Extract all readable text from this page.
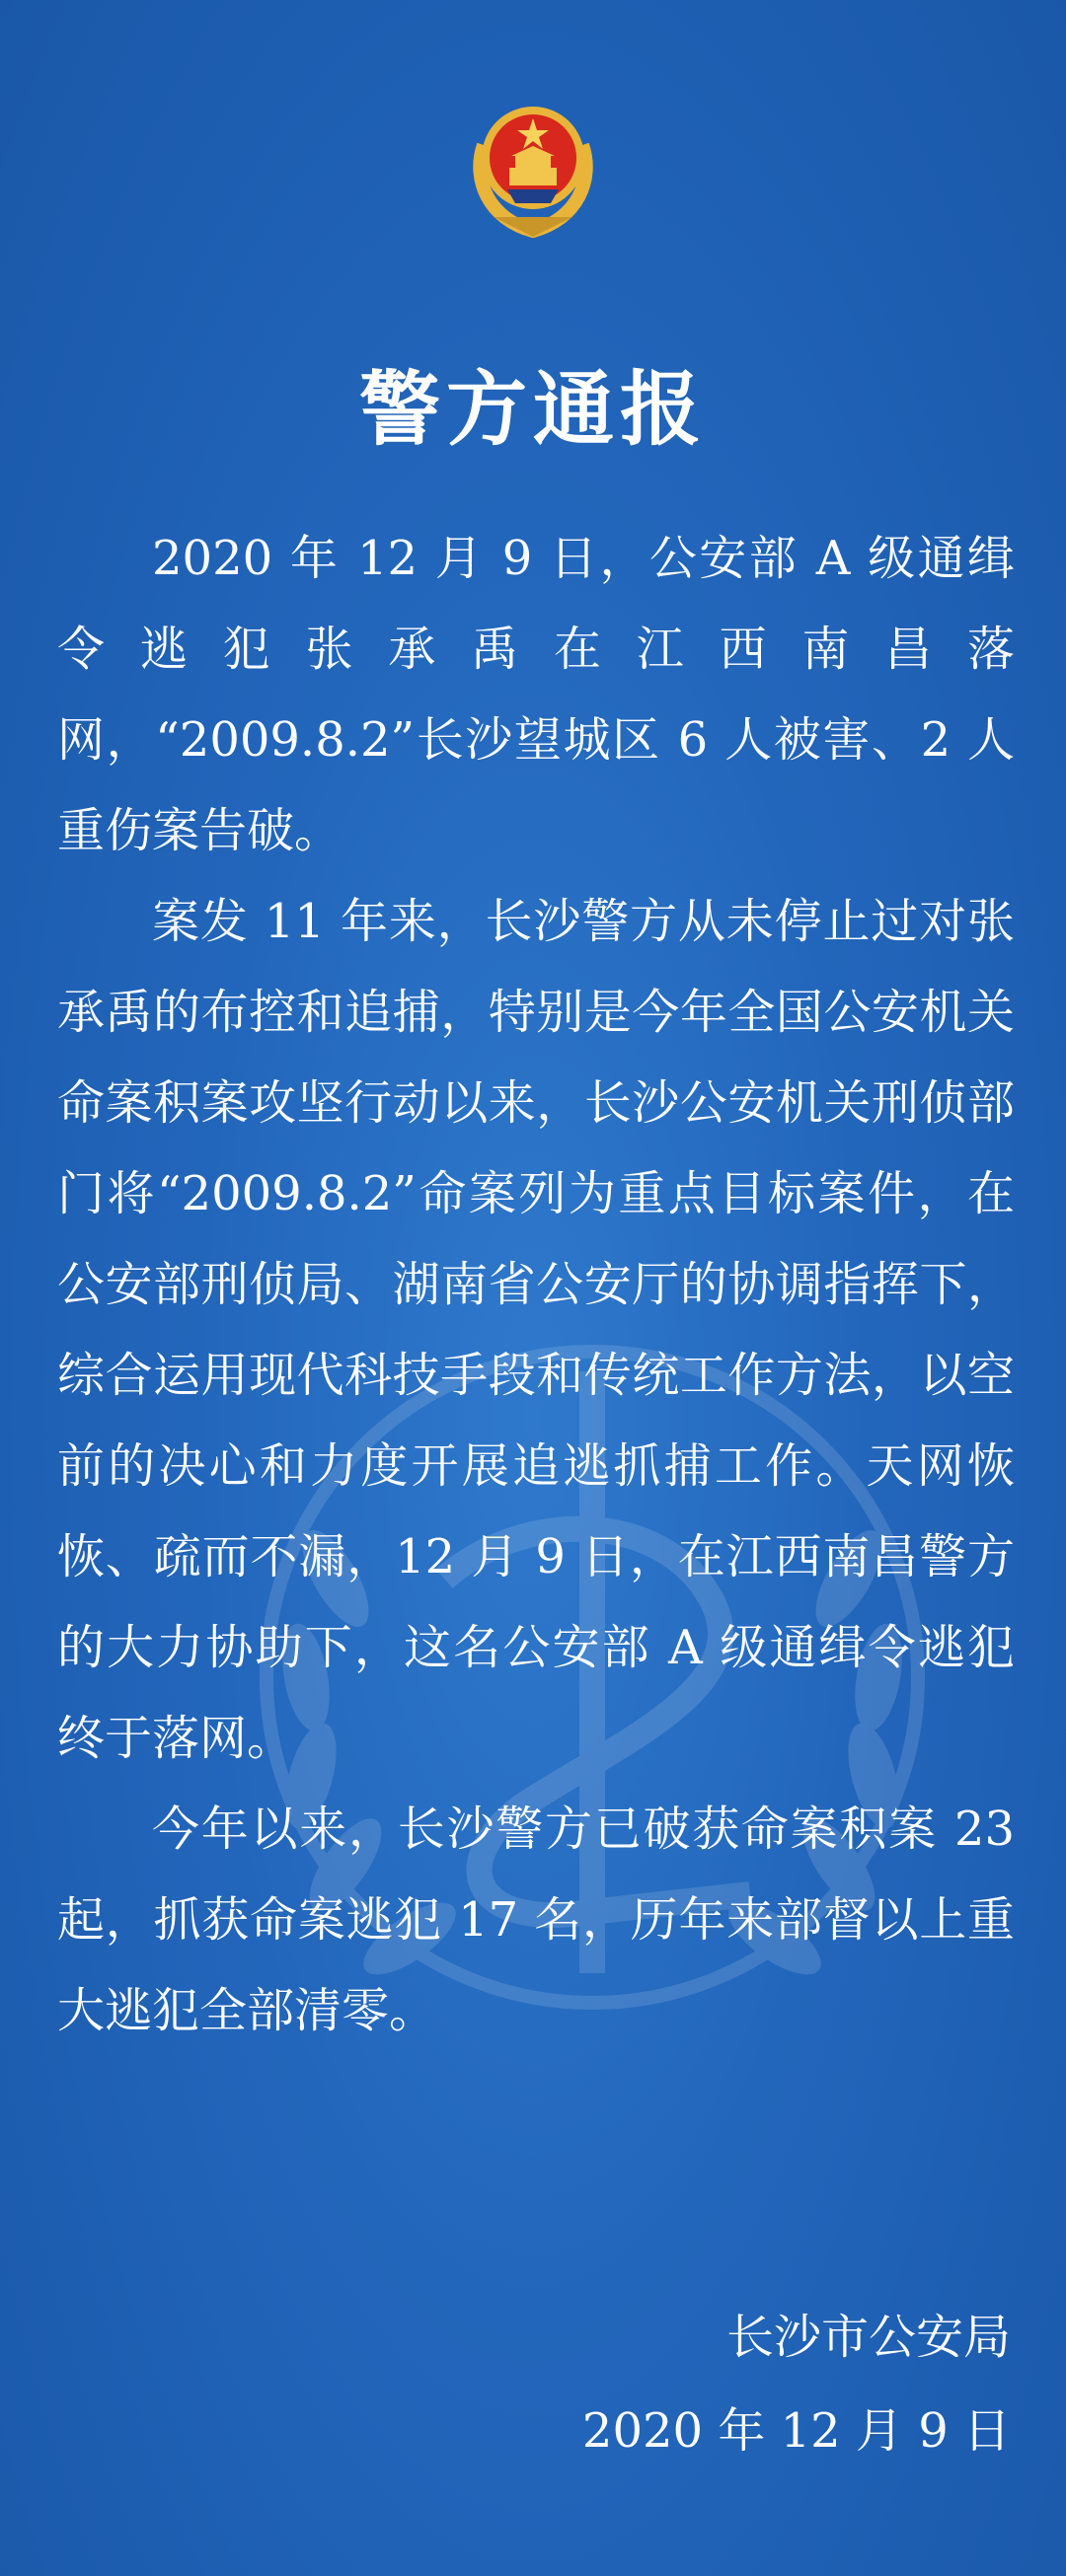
警方通报

2020 年 12 月 9 日，公安部 A 级通缉令逃犯张承禹在江西南昌落网，“2009.8.2”长沙望城区 6 人被害、2 人重伤案告破。

案发 11 年来，长沙警方从未停止过对张承禹的布控和追捕，特别是今年全国公安机关命案积案攻坚行动以来，长沙公安机关刑侦部门将“2009.8.2”命案列为重点目标案件，在公安部刑侦局、湖南省公安厅的协调指挥下，综合运用现代科技手段和传统工作方法，以空前的决心和力度开展追逃抓捕工作。天网恢恢、疏而不漏，12 月 9 日，在江西南昌警方的大力协助下，这名公安部 A 级通缉令逃犯终于落网。

今年以来，长沙警方已破获命案积案 23 起，抓获命案逃犯 17 名，历年来部督以上重大逃犯全部清零。

长沙市公安局
2020 年 12 月 9 日
